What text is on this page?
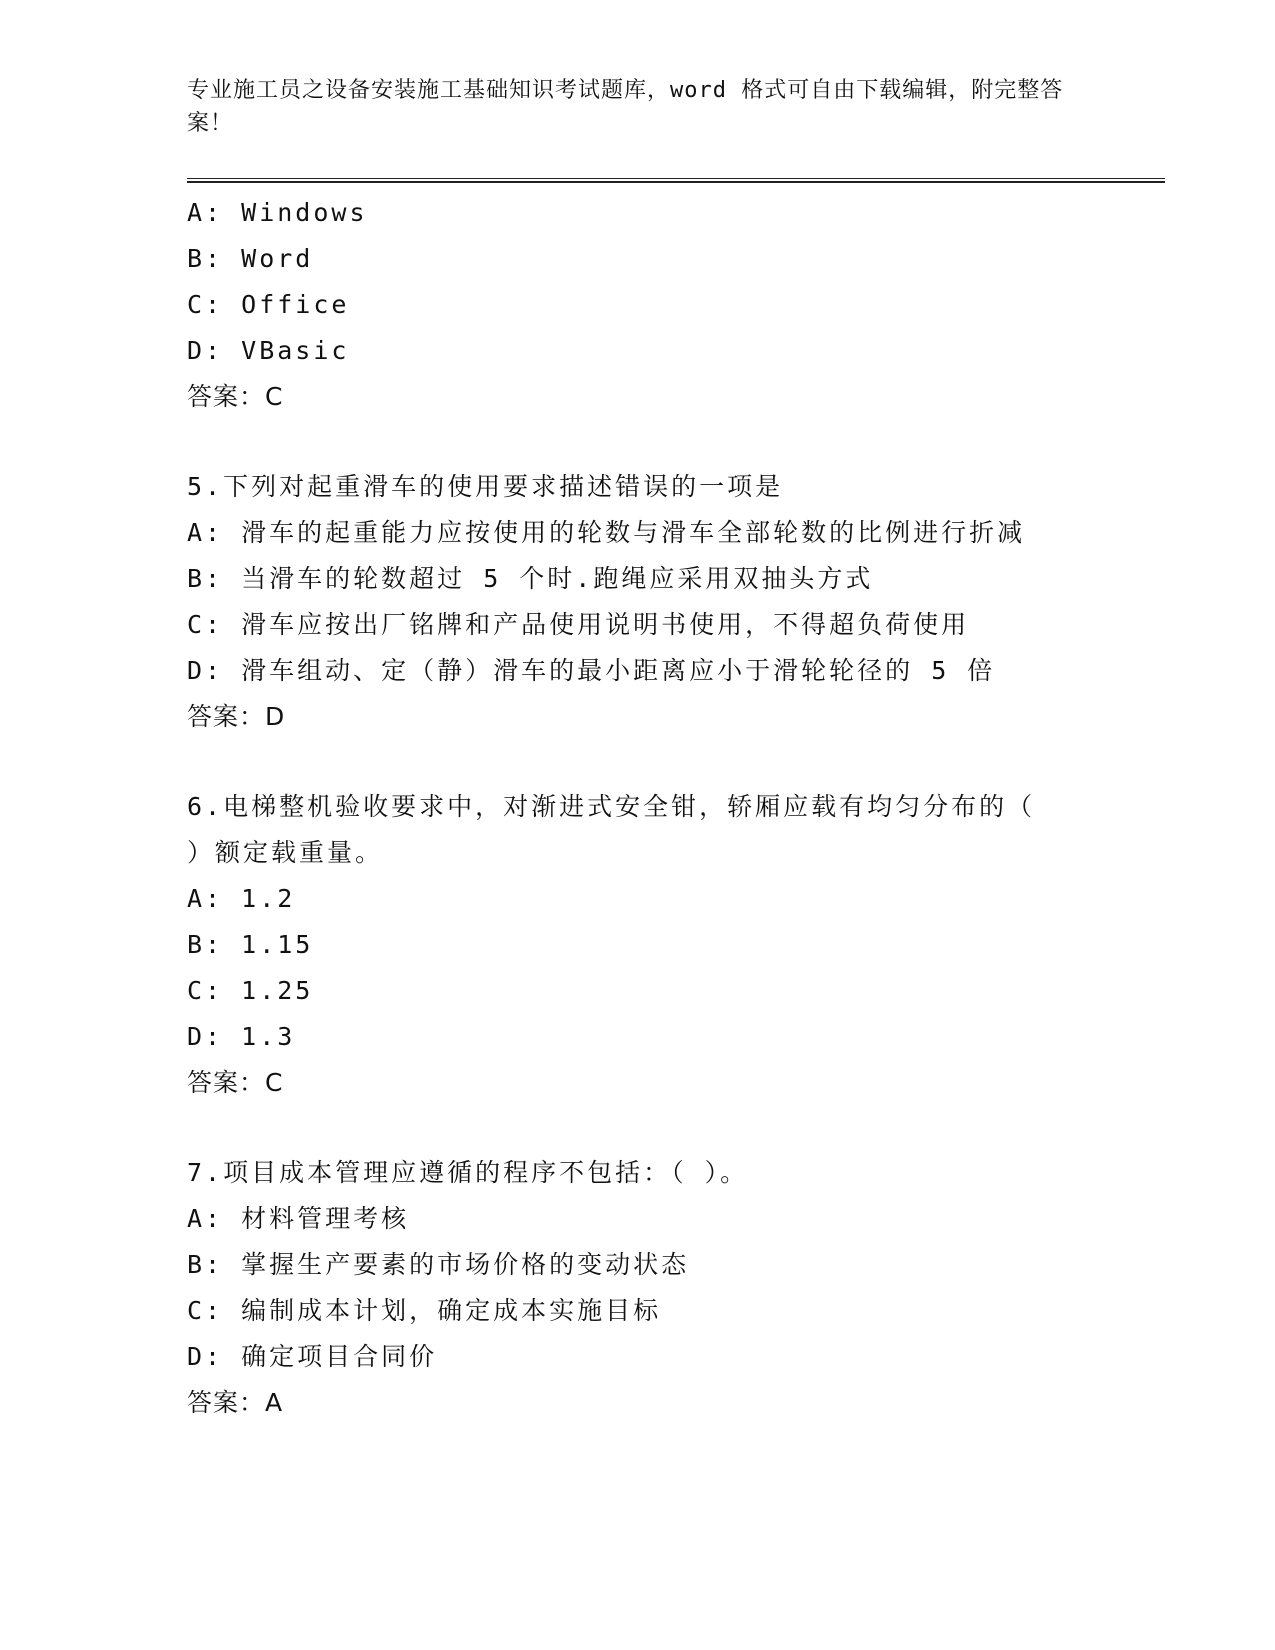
专业施工员之设备安装施工基础知识考试题库，word 格式可自由下载编辑，附完整答案！
A: Windows
B: Word
C: Office
D: VBasic
答案：C
5.下列对起重滑车的使用要求描述错误的一项是
A: 滑车的起重能力应按使用的轮数与滑车全部轮数的比例进行折减
B: 当滑车的轮数超过 5 个时.跑绳应采用双抽头方式
C: 滑车应按出厂铭牌和产品使用说明书使用，不得超负荷使用
D: 滑车组动、定（静）滑车的最小距离应小于滑轮轮径的 5 倍
答案：D
6.电梯整机验收要求中，对渐进式安全钳，轿厢应载有均匀分布的（
）额定载重量。
A: 1.2
B: 1.15
C: 1.25
D: 1.3
答案：C
7.项目成本管理应遵循的程序不包括：（ ）。
A: 材料管理考核
B: 掌握生产要素的市场价格的变动状态
C: 编制成本计划，确定成本实施目标
D: 确定项目合同价
答案：A
